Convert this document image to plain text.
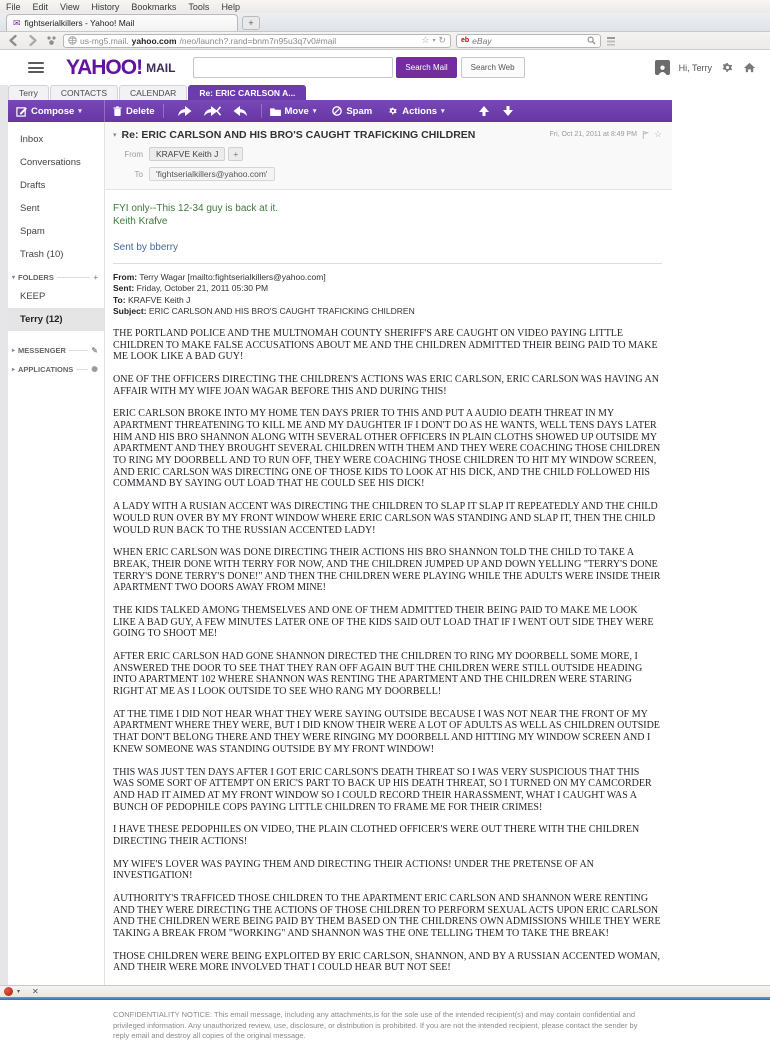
File Edit View History Bookmarks Tools Help
✉ fightserialkillers - Yahoo! Mail	+
us-mg5.mail. yahoo.com /neo/launch?.rand=bnm7n95u3q7v0#mail	☆ ▾ ↻ eb eBay
YAHOO! MAIL	Search Mail	Search Web	Hi, Terry
Terry	CONTACTS	CALENDAR	Re: ERIC CARLSON A...
Compose ▾	Delete	Move ▾	Spam	Actions ▾
Inbox
Conversations
Drafts
Sent
Spam
Trash (10)
▾ FOLDERS	+
KEEP
Terry (12)
▸ MESSENGER	✎
▸ APPLICATIONS ✺
▾ Re: ERIC CARLSON AND HIS BRO'S CAUGHT TRAFICKING CHILDREN	Fri, Oct 21, 2011 at 8:49 PM ☆
From	KRAFVE Keith J	+
To	'fightserialkillers@yahoo.com'
FYI only--This 12-34 guy is back at it.
Keith Krafve
Sent by bberry
From: Terry Wagar [mailto:fightserialkillers@yahoo.com]
Sent: Friday, October 21, 2011 05:30 PM
To: KRAFVE Keith J
Subject: ERIC CARLSON AND HIS BRO'S CAUGHT TRAFICKING CHILDREN

THE PORTLAND POLICE AND THE MULTNOMAH COUNTY SHERIFF'S ARE CAUGHT ON VIDEO PAYING LITTLE CHILDREN TO MAKE FALSE ACCUSATIONS ABOUT ME AND THE CHILDREN ADMITTED THEIR BEING PAID TO MAKE ME LOOK LIKE A BAD GUY!

ONE OF THE OFFICERS DIRECTING THE CHILDREN'S ACTIONS WAS ERIC CARLSON, ERIC CARLSON WAS HAVING AN AFFAIR WITH MY WIFE JOAN WAGAR BEFORE THIS AND DURING THIS!

ERIC CARLSON BROKE INTO MY HOME TEN DAYS PRIER TO THIS AND PUT A AUDIO DEATH THREAT IN MY APARTMENT THREATENING TO KILL ME AND MY DAUGHTER IF I DON'T DO AS HE WANTS, WELL TENS DAYS LATER HIM AND HIS BRO SHANNON ALONG WITH SEVERAL OTHER OFFICERS IN PLAIN CLOTHS SHOWED UP OUTSIDE MY APARTMENT AND THEY BROUGHT SEVERAL CHILDREN WITH THEM AND THEY WERE COACHING THOSE CHILDREN TO RING MY DOORBELL AND TO RUN OFF, THEY WERE COACHING THOSE CHILDREN TO HIT MY WINDOW SCREEN, AND ERIC CARLSON WAS DIRECTING ONE OF THOSE KIDS TO LOOK AT HIS DICK, AND THE CHILD FOLLOWED HIS COMMAND BY SAYING OUT LOAD THAT HE COULD SEE HIS DICK!

A LADY WITH A RUSIAN ACCENT WAS DIRECTING THE CHILDREN TO SLAP IT SLAP IT REPEATEDLY AND THE CHILD WOULD RUN OVER BY MY FRONT WINDOW WHERE ERIC CARLSON WAS STANDING AND SLAP IT, THEN THE CHILD WOULD RUN BACK TO THE RUSSIAN ACCENTED LADY!

WHEN ERIC CARLSON WAS DONE DIRECTING THEIR ACTIONS HIS BRO SHANNON TOLD THE CHILD TO TAKE A BREAK, THEIR DONE WITH TERRY FOR NOW, AND THE CHILDREN JUMPED UP AND DOWN YELLING "TERRY'S DONE TERRY'S DONE TERRY'S DONE!" AND THEN THE CHILDREN WERE PLAYING WHILE THE ADULTS WERE INSIDE THEIR APARTMENT TWO DOORS AWAY FROM MINE!

THE KIDS TALKED AMONG THEMSELVES AND ONE OF THEM ADMITTED THEIR BEING PAID TO MAKE ME LOOK LIKE A BAD GUY, A FEW MINUTES LATER ONE OF THE KIDS SAID OUT LOAD THAT IF I WENT OUT SIDE THEY WERE GOING TO SHOOT ME!

AFTER ERIC CARLSON HAD GONE SHANNON DIRECTED THE CHILDREN TO RING MY DOORBELL SOME MORE, I ANSWERED THE DOOR TO SEE THAT THEY RAN OFF AGAIN BUT THE CHILDREN WERE STILL OUTSIDE HEADING INTO APARTMENT 102 WHERE SHANNON WAS RENTING THE APARTMENT AND THE CHILDREN WERE STARING RIGHT AT ME AS I LOOK OUTSIDE TO SEE WHO RANG MY DOORBELL!

AT THE TIME I DID NOT HEAR WHAT THEY WERE SAYING OUTSIDE BECAUSE I WAS NOT NEAR THE FRONT OF MY APARTMENT WHERE THEY WERE, BUT I DID KNOW THEIR WERE A LOT OF ADULTS AS WELL AS CHILDREN OUTSIDE THAT DON'T BELONG THERE AND THEY WERE RINGING MY DOORBELL AND HITTING MY WINDOW SCREEN AND I KNEW SOMEONE WAS STANDING OUTSIDE BY MY FRONT WINDOW!

THIS WAS JUST TEN DAYS AFTER I GOT ERIC CARLSON'S DEATH THREAT SO I WAS VERY SUSPICIOUS THAT THIS WAS SOME SORT OF ATTEMPT ON ERIC'S PART TO BACK UP HIS DEATH THREAT, SO I TURNED ON MY CAMCORDER AND HAD IT AIMED AT MY FRONT WINDOW SO I COULD RECORD THEIR HARASSMENT, WHAT I CAUGHT WAS A BUNCH OF PEDOPHILE COPS PAYING LITTLE CHILDREN TO FRAME ME FOR THEIR CRIMES!

I HAVE THESE PEDOPHILES ON VIDEO, THE PLAIN CLOTHED OFFICER'S WERE OUT THERE WITH THE CHILDREN DIRECTING THEIR ACTIONS!

MY WIFE'S LOVER WAS PAYING THEM AND DIRECTING THEIR ACTIONS! UNDER THE PRETENSE OF AN INVESTIGATION!

AUTHORITY'S TRAFFICED THOSE CHILDREN TO THE APARTMENT ERIC CARLSON AND SHANNON WERE RENTING AND THEY WERE DIRECTING THE ACTIONS OF THOSE CHILDREN TO PERFORM SEXUAL ACTS UPON ERIC CARLSON AND THE CHILDREN WERE BEING PAID BY THEM BASED ON THE CHILDRENS OWN ADMISSIONS WHILE THEY WERE TAKING A BREAK FROM "WORKING" AND SHANNON WAS THE ONE TELLING THEM TO TAKE THE BREAK!

THOSE CHILDREN WERE BEING EXPLOITED BY ERIC CARLSON, SHANNON, AND BY A RUSSIAN ACCENTED WOMAN, AND THEIR WERE MORE INVOLVED THAT I COULD HEAR BUT NOT SEE!

CONFIDENTIALITY NOTICE: This email message, including any attachments,is for the sole use of the intended recipient(s) and may contain confidential and privileged information. Any unauthorized review, use, disclosure, or distribution is prohibited. If you are not the intended recipient, please contact the sender by reply email and destroy all copies of the original message.
▾ ✕
